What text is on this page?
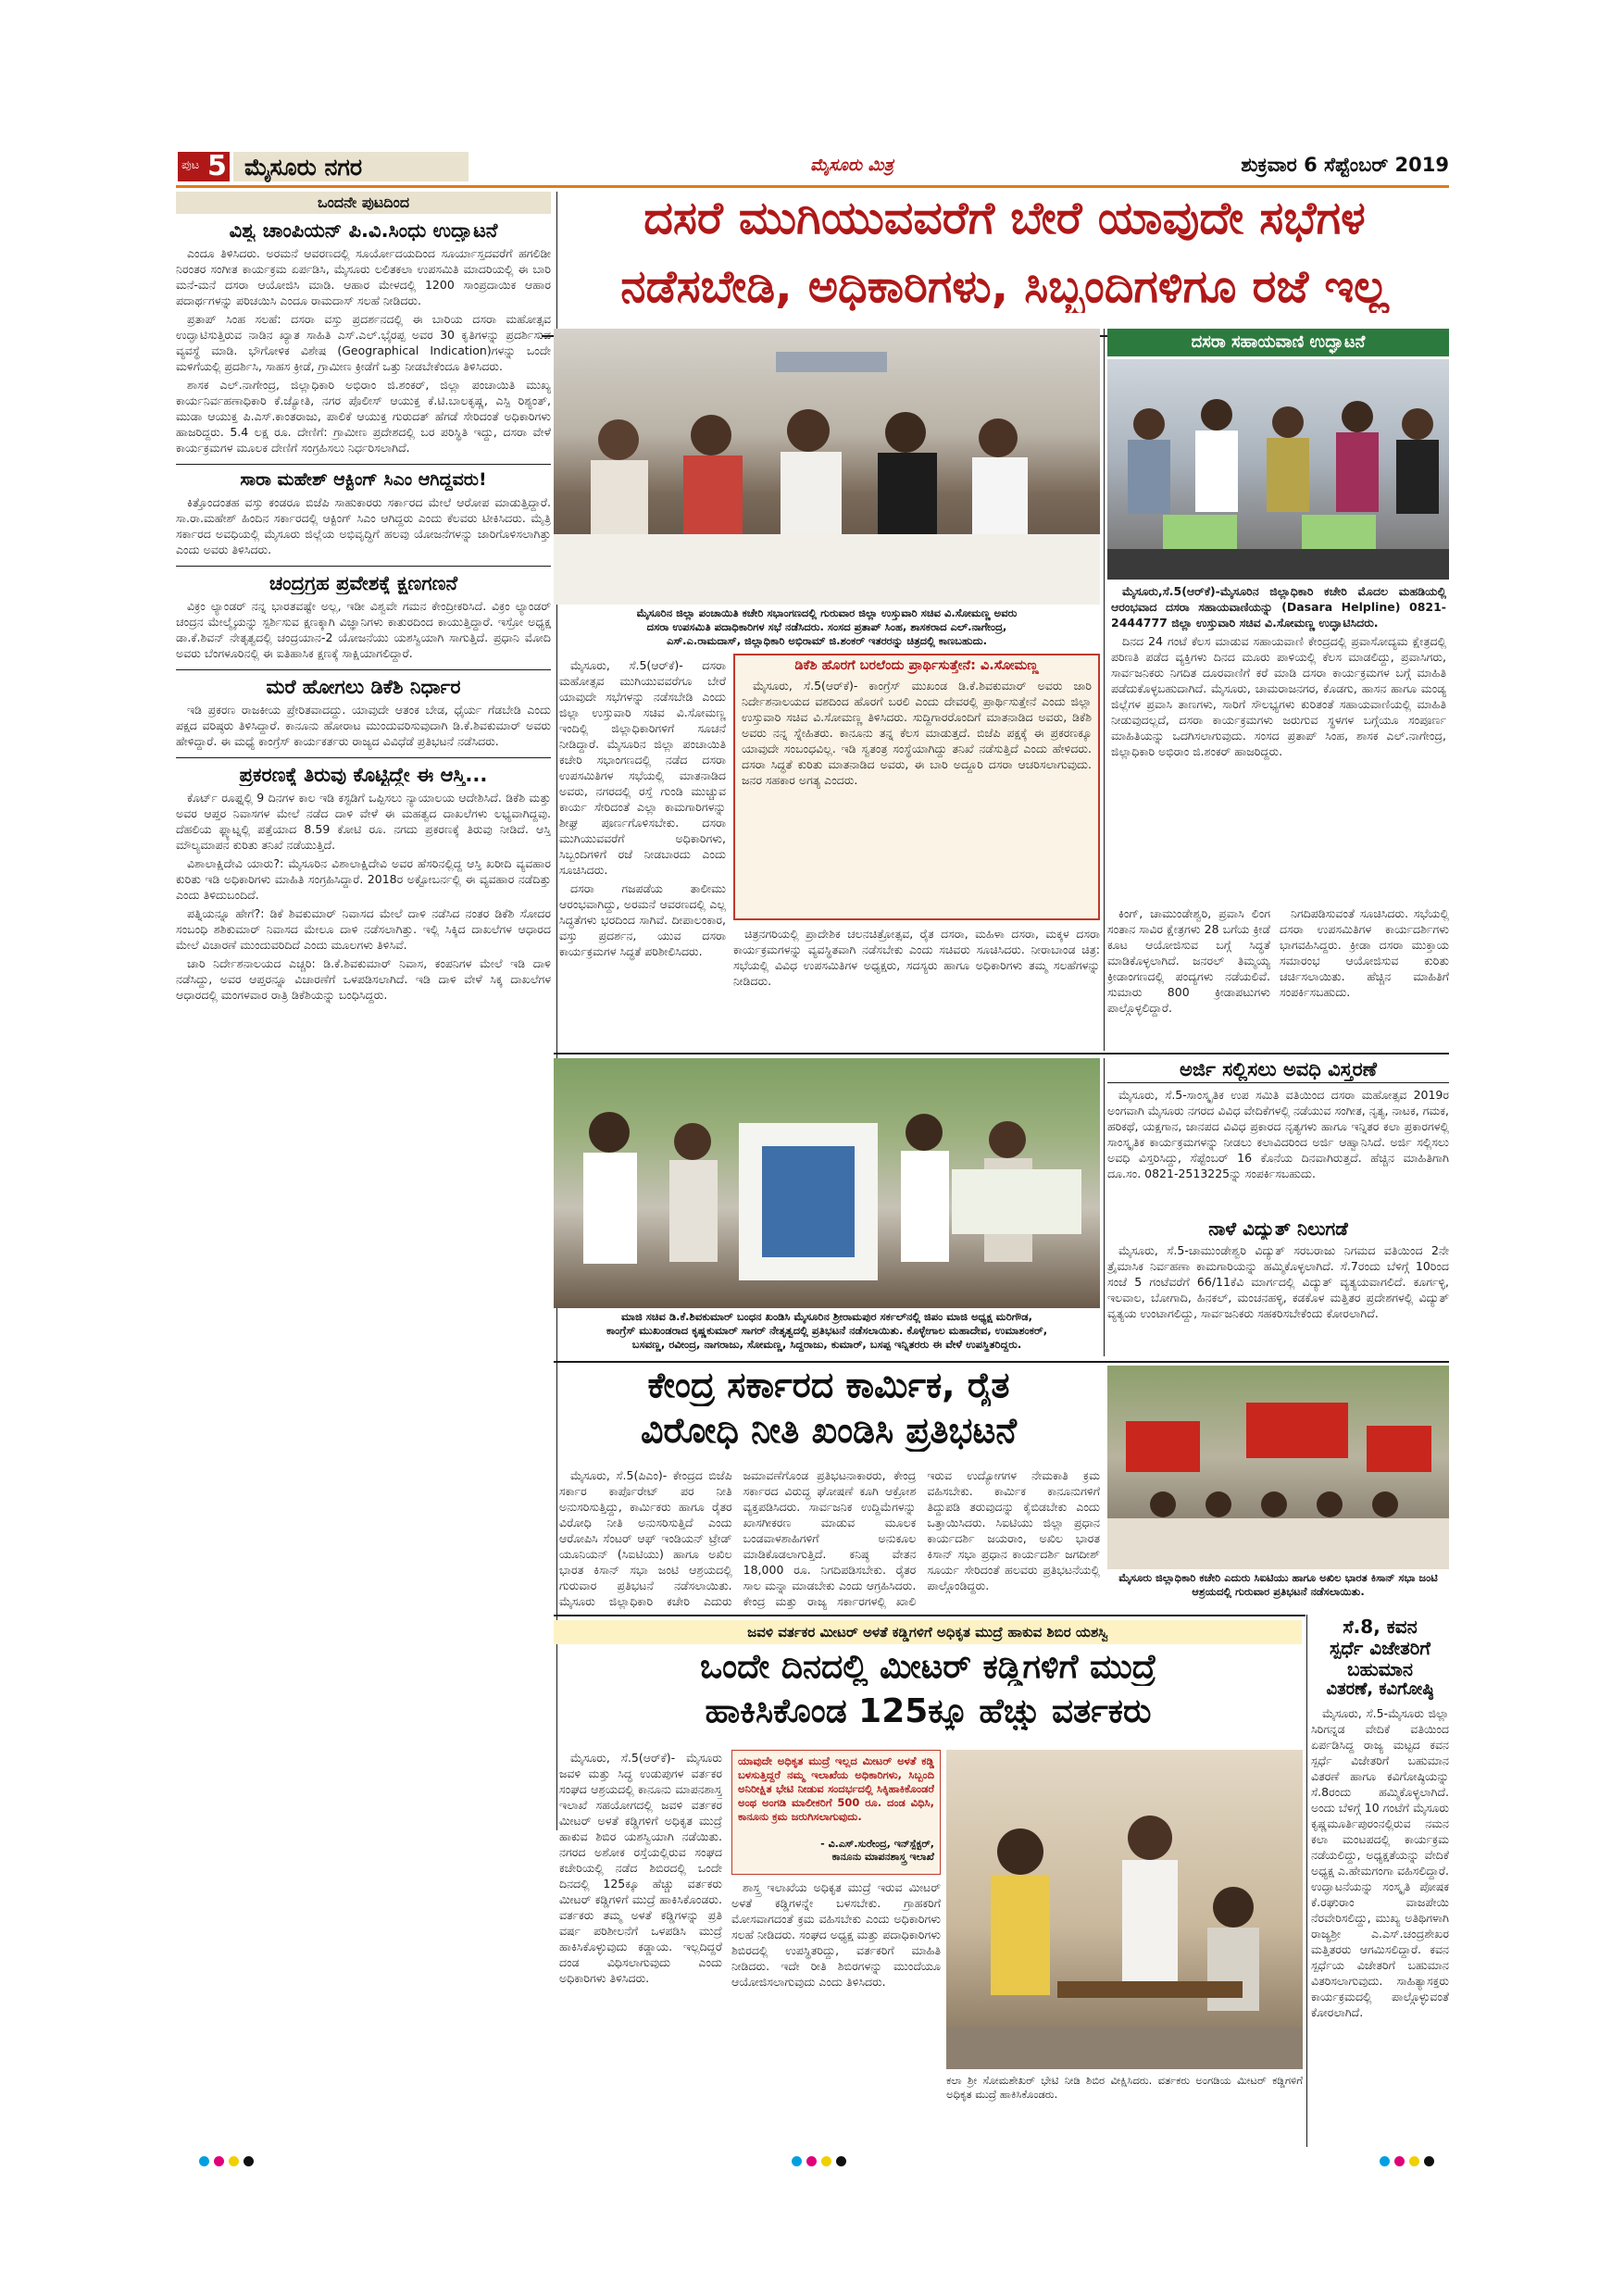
ಪುಟ 5 ಮೈಸೂರು ನಗರ	ಮೈಸೂರು ಮಿತ್ರ	ಶುಕ್ರವಾರ 6 ಸೆಪ್ಟೆಂಬರ್ 2019
ಒಂದನೇ ಪುಟದಿಂದ
ವಿಶ್ವ ಚಾಂಪಿಯನ್ ಪಿ.ವಿ.ಸಿಂಧು ಉದ್ಘಾಟನೆ

ಎಂದೂ ತಿಳಿಸಿದರು. ಅರಮನೆ ಆವರಣದಲ್ಲಿ ಸೂರ್ಯೋದಯದಿಂದ ಸೂರ್ಯಾಸ್ತದವರೆಗೆ ಹಗಲಿಡೀ ನಿರಂತರ ಸಂಗೀತ ಕಾರ್ಯಕ್ರಮ ಏರ್ಪಡಿಸಿ, ಮೈಸೂರು ಲಲಿತಕಲಾ ಉಪಸಮಿತಿ ಮಾದರಿಯಲ್ಲಿ ಈ ಬಾರಿ ಮನೆ-ಮನೆ ದಸರಾ ಆಯೋಜಿಸಿ ಮಾಡಿ. ಆಹಾರ ಮೇಳದಲ್ಲಿ 1200 ಸಾಂಪ್ರದಾಯಿಕ ಆಹಾರ ಪದಾರ್ಥಗಳನ್ನು ಪರಿಚಯಿಸಿ ಎಂದೂ ರಾಮದಾಸ್ ಸಲಹೆ ನೀಡಿದರು.

ಪ್ರತಾಪ್ ಸಿಂಹ ಸಲಹೆ: ದಸರಾ ವಸ್ತು ಪ್ರದರ್ಶನದಲ್ಲಿ ಈ ಬಾರಿಯ ದಸರಾ ಮಹೋತ್ಸವ ಉದ್ಘಾಟಿಸುತ್ತಿರುವ ನಾಡಿನ ಖ್ಯಾತ ಸಾಹಿತಿ ಎಸ್.ಎಲ್.ಭೈರಪ್ಪ ಅವರ 30 ಕೃತಿಗಳನ್ನು ಪ್ರದರ್ಶಿಸುವ ವ್ಯವಸ್ಥೆ ಮಾಡಿ. ಭೌಗೋಳಿಕ ವಿಶೇಷ (Geographical Indication)ಗಳನ್ನು ಒಂದೇ ಮಳಿಗೆಯಲ್ಲಿ ಪ್ರದರ್ಶಿಸಿ, ಸಾಹಸ ಕ್ರೀಡೆ, ಗ್ರಾಮೀಣ ಕ್ರೀಡೆಗೆ ಒತ್ತು ನೀಡಬೇಕೆಂದೂ ತಿಳಿಸಿದರು.

ಶಾಸಕ ಎಲ್.ನಾಗೇಂದ್ರ, ಜಿಲ್ಲಾಧಿಕಾರಿ ಅಭಿರಾಂ ಜಿ.ಶಂಕರ್, ಜಿಲ್ಲಾ ಪಂಚಾಯಿತಿ ಮುಖ್ಯ ಕಾರ್ಯನಿರ್ವಹಣಾಧಿಕಾರಿ ಕೆ.ಜ್ಯೋತಿ, ನಗರ ಪೊಲೀಸ್ ಆಯುಕ್ತ ಕೆ.ಟಿ.ಬಾಲಕೃಷ್ಣ, ಎಸ್ಪಿ ರಿಶ್ಯಂತ್, ಮುಡಾ ಆಯುಕ್ತ ಪಿ.ಎಸ್.ಕಾಂತರಾಜು, ಪಾಲಿಕೆ ಆಯುಕ್ತ ಗುರುದತ್ ಹೆಗಡೆ ಸೇರಿದಂತೆ ಅಧಿಕಾರಿಗಳು ಹಾಜರಿದ್ದರು. 5.4 ಲಕ್ಷ ರೂ. ದೇಣಿಗೆ: ಗ್ರಾಮೀಣ ಪ್ರದೇಶದಲ್ಲಿ ಬರ ಪರಿಸ್ಥಿತಿ ಇದ್ದು, ದಸರಾ ವೇಳೆ ಕಾರ್ಯಕ್ರಮಗಳ ಮೂಲಕ ದೇಣಿಗೆ ಸಂಗ್ರಹಿಸಲು ನಿರ್ಧರಿಸಲಾಗಿದೆ.

ಸಾರಾ ಮಹೇಶ್ ಆಕ್ಟಿಂಗ್ ಸಿಎಂ ಆಗಿದ್ದವರು!

ಕಿತ್ತೊಂದಂತಹ ವಸ್ತು ಕಂಡರೂ ಬಿಜೆಪಿ ಸಾಹುಕಾರರು ಸರ್ಕಾರದ ಮೇಲೆ ಆರೋಪ ಮಾಡುತ್ತಿದ್ದಾರೆ. ಸಾ.ರಾ.ಮಹೇಶ್ ಹಿಂದಿನ ಸರ್ಕಾರದಲ್ಲಿ ಆಕ್ಟಿಂಗ್ ಸಿಎಂ ಆಗಿದ್ದರು ಎಂದು ಕೆಲವರು ಟೀಕಿಸಿದರು. ಮೈತ್ರಿ ಸರ್ಕಾರದ ಅವಧಿಯಲ್ಲಿ ಮೈಸೂರು ಜಿಲ್ಲೆಯ ಅಭಿವೃದ್ಧಿಗೆ ಹಲವು ಯೋಜನೆಗಳನ್ನು ಜಾರಿಗೊಳಿಸಲಾಗಿತ್ತು ಎಂದು ಅವರು ತಿಳಿಸಿದರು.

ಚಂದ್ರಗ್ರಹ ಪ್ರವೇಶಕ್ಕೆ ಕ್ಷಣಗಣನೆ

ವಿಕ್ರಂ ಲ್ಯಾಂಡರ್ ನನ್ನ ಭಾರತವಷ್ಟೇ ಅಲ್ಲ, ಇಡೀ ವಿಶ್ವವೇ ಗಮನ ಕೇಂದ್ರೀಕರಿಸಿದೆ. ವಿಕ್ರಂ ಲ್ಯಾಂಡರ್ ಚಂದ್ರನ ಮೇಲ್ಮೈಯನ್ನು ಸ್ಪರ್ಶಿಸುವ ಕ್ಷಣಕ್ಕಾಗಿ ವಿಜ್ಞಾನಿಗಳು ಕಾತುರದಿಂದ ಕಾಯುತ್ತಿದ್ದಾರೆ. ಇಸ್ರೋ ಅಧ್ಯಕ್ಷ ಡಾ.ಕೆ.ಶಿವನ್ ನೇತೃತ್ವದಲ್ಲಿ ಚಂದ್ರಯಾನ-2 ಯೋಜನೆಯು ಯಶಸ್ವಿಯಾಗಿ ಸಾಗುತ್ತಿದೆ. ಪ್ರಧಾನಿ ಮೋದಿ ಅವರು ಬೆಂಗಳೂರಿನಲ್ಲಿ ಈ ಐತಿಹಾಸಿಕ ಕ್ಷಣಕ್ಕೆ ಸಾಕ್ಷಿಯಾಗಲಿದ್ದಾರೆ.

ಮರೆ ಹೋಗಲು ಡಿಕೆಶಿ ನಿರ್ಧಾರ

ಇಡಿ ಪ್ರಕರಣ ರಾಜಕೀಯ ಪ್ರೇರಿತವಾದದ್ದು. ಯಾವುದೇ ಆತಂಕ ಬೇಡ, ಧೈರ್ಯ ಗೆಡಬೇಡಿ ಎಂದು ಪಕ್ಷದ ವರಿಷ್ಠರು ತಿಳಿಸಿದ್ದಾರೆ. ಕಾನೂನು ಹೋರಾಟ ಮುಂದುವರಿಸುವುದಾಗಿ ಡಿ.ಕೆ.ಶಿವಕುಮಾರ್ ಅವರು ಹೇಳಿದ್ದಾರೆ. ಈ ಮಧ್ಯೆ ಕಾಂಗ್ರೆಸ್ ಕಾರ್ಯಕರ್ತರು ರಾಜ್ಯದ ವಿವಿಧೆಡೆ ಪ್ರತಿಭಟನೆ ನಡೆಸಿದರು.

ಪ್ರಕರಣಕ್ಕೆ ತಿರುವು ಕೊಟ್ಟಿದ್ದೇ ಈ ಆಸ್ತಿ...

ಕೊರ್ಟ್ ರೂಫ್ನಲ್ಲಿ 9 ದಿನಗಳ ಕಾಲ ಇಡಿ ಕಸ್ಟಡಿಗೆ ಒಪ್ಪಿಸಲು ನ್ಯಾಯಾಲಯ ಆದೇಶಿಸಿದೆ. ಡಿಕೆಶಿ ಮತ್ತು ಅವರ ಆಪ್ತರ ನಿವಾಸಗಳ ಮೇಲೆ ನಡೆದ ದಾಳಿ ವೇಳೆ ಈ ಮಹತ್ವದ ದಾಖಲೆಗಳು ಲಭ್ಯವಾಗಿದ್ದವು. ದೆಹಲಿಯ ಫ್ಲ್ಯಾಟ್ನಲ್ಲಿ ಪತ್ತೆಯಾದ 8.59 ಕೋಟಿ ರೂ. ನಗದು ಪ್ರಕರಣಕ್ಕೆ ತಿರುವು ನೀಡಿದೆ. ಆಸ್ತಿ ಮೌಲ್ಯಮಾಪನ ಕುರಿತು ತನಿಖೆ ನಡೆಯುತ್ತಿದೆ.

ವಿಶಾಲಾಕ್ಷಿದೇವಿ ಯಾರು?: ಮೈಸೂರಿನ ವಿಶಾಲಾಕ್ಷಿದೇವಿ ಅವರ ಹೆಸರಿನಲ್ಲಿದ್ದ ಆಸ್ತಿ ಖರೀದಿ ವ್ಯವಹಾರ ಕುರಿತು ಇಡಿ ಅಧಿಕಾರಿಗಳು ಮಾಹಿತಿ ಸಂಗ್ರಹಿಸಿದ್ದಾರೆ. 2018ರ ಅಕ್ಟೋಬರ್ನಲ್ಲಿ ಈ ವ್ಯವಹಾರ ನಡೆದಿತ್ತು ಎಂದು ತಿಳಿದುಬಂದಿದೆ.

ಪತ್ನಿಯನ್ನೂ ಹೇಗೆ?: ಡಿಕೆ ಶಿವಕುಮಾರ್ ನಿವಾಸದ ಮೇಲೆ ದಾಳಿ ನಡೆಸಿದ ನಂತರ ಡಿಕೆಶಿ ಸೋದರ ಸಂಬಂಧಿ ಶಶಿಕುಮಾರ್ ನಿವಾಸದ ಮೇಲೂ ದಾಳಿ ನಡೆಸಲಾಗಿತ್ತು. ಇಲ್ಲಿ ಸಿಕ್ಕಿದ ದಾಖಲೆಗಳ ಆಧಾರದ ಮೇಲೆ ವಿಚಾರಣೆ ಮುಂದುವರಿದಿದೆ ಎಂದು ಮೂಲಗಳು ತಿಳಿಸಿವೆ.

ಚಾರಿ ನಿರ್ದೇಶನಾಲಯದ ಎಚ್ಚರಿ: ಡಿ.ಕೆ.ಶಿವಕುಮಾರ್ ನಿವಾಸ, ಕಂಪನಿಗಳ ಮೇಲೆ ಇಡಿ ದಾಳಿ ನಡೆಸಿದ್ದು, ಅವರ ಆಪ್ತರನ್ನೂ ವಿಚಾರಣೆಗೆ ಒಳಪಡಿಸಲಾಗಿದೆ. ಇಡಿ ದಾಳಿ ವೇಳೆ ಸಿಕ್ಕ ದಾಖಲೆಗಳ ಆಧಾರದಲ್ಲಿ ಮಂಗಳವಾರ ರಾತ್ರಿ ಡಿಕೆಶಿಯನ್ನು ಬಂಧಿಸಿದ್ದರು.

ದಸರೆ ಮುಗಿಯುವವರೆಗೆ ಬೇರೆ ಯಾವುದೇ ಸಭೆಗಳ
ನಡೆಸಬೇಡಿ, ಅಧಿಕಾರಿಗಳು, ಸಿಬ್ಬಂದಿಗಳಿಗೂ ರಜೆ ಇಲ್ಲ
ಮೈಸೂರಿನ ಜಿಲ್ಲಾ ಪಂಚಾಯಿತಿ ಕಚೇರಿ ಸಭಾಂಗಣದಲ್ಲಿ ಗುರುವಾರ ಜಿಲ್ಲಾ ಉಸ್ತುವಾರಿ ಸಚಿವ ವಿ.ಸೋಮಣ್ಣ ಅವರು
ದಸರಾ ಉಪಸಮಿತಿ ಪದಾಧಿಕಾರಿಗಳ ಸಭೆ ನಡೆಸಿದರು. ಸಂಸದ ಪ್ರತಾಪ್ ಸಿಂಹ, ಶಾಸಕರಾದ ಎಲ್.ನಾಗೇಂದ್ರ,
ಎಸ್.ಎ.ರಾಮದಾಸ್, ಜಿಲ್ಲಾಧಿಕಾರಿ ಅಭಿರಾಮ್ ಜಿ.ಶಂಕರ್ ಇತರರನ್ನು ಚಿತ್ರದಲ್ಲಿ ಕಾಣಬಹುದು.

ಮೈಸೂರು, ಸೆ.5(ಆರ್‌ಕೆ)- ದಸರಾ ಮಹೋತ್ಸವ ಮುಗಿಯುವವರೆಗೂ ಬೇರೆ ಯಾವುದೇ ಸಭೆಗಳನ್ನು ನಡೆಸಬೇಡಿ ಎಂದು ಜಿಲ್ಲಾ ಉಸ್ತುವಾರಿ ಸಚಿವ ವಿ.ಸೋಮಣ್ಣ ಇಂದಿಲ್ಲಿ ಜಿಲ್ಲಾಧಿಕಾರಿಗಳಿಗೆ ಸೂಚನೆ ನೀಡಿದ್ದಾರೆ. ಮೈಸೂರಿನ ಜಿಲ್ಲಾ ಪಂಚಾಯಿತಿ ಕಚೇರಿ ಸಭಾಂಗಣದಲ್ಲಿ ನಡೆದ ದಸರಾ ಉಪಸಮಿತಿಗಳ ಸಭೆಯಲ್ಲಿ ಮಾತನಾಡಿದ ಅವರು, ನಗರದಲ್ಲಿ ರಸ್ತೆ ಗುಂಡಿ ಮುಚ್ಚುವ ಕಾರ್ಯ ಸೇರಿದಂತೆ ಎಲ್ಲಾ ಕಾಮಗಾರಿಗಳನ್ನು ಶೀಘ್ರ ಪೂರ್ಣಗೊಳಿಸಬೇಕು. ದಸರಾ ಮುಗಿಯುವವರೆಗೆ ಅಧಿಕಾರಿಗಳು, ಸಿಬ್ಬಂದಿಗಳಿಗೆ ರಜೆ ನೀಡಬಾರದು ಎಂದು ಸೂಚಿಸಿದರು.

ದಸರಾ ಗಜಪಡೆಯ ತಾಲೀಮು ಆರಂಭವಾಗಿದ್ದು, ಅರಮನೆ ಆವರಣದಲ್ಲಿ ಎಲ್ಲ ಸಿದ್ಧತೆಗಳು ಭರದಿಂದ ಸಾಗಿವೆ. ದೀಪಾಲಂಕಾರ, ವಸ್ತು ಪ್ರದರ್ಶನ, ಯುವ ದಸರಾ ಕಾರ್ಯಕ್ರಮಗಳ ಸಿದ್ಧತೆ ಪರಿಶೀಲಿಸಿದರು.

ಡಿಕೆಶಿ ಹೊರಗೆ ಬರಲೆಂದು ಪ್ರಾರ್ಥಿಸುತ್ತೇನೆ: ವಿ.ಸೋಮಣ್ಣ

ಮೈಸೂರು, ಸೆ.5(ಆರ್‌ಕೆ)- ಕಾಂಗ್ರೆಸ್ ಮುಖಂಡ ಡಿ.ಕೆ.ಶಿವಕುಮಾರ್ ಅವರು ಜಾರಿ ನಿರ್ದೇಶನಾಲಯದ ವಶದಿಂದ ಹೊರಗೆ ಬರಲಿ ಎಂದು ದೇವರಲ್ಲಿ ಪ್ರಾರ್ಥಿಸುತ್ತೇನೆ ಎಂದು ಜಿಲ್ಲಾ ಉಸ್ತುವಾರಿ ಸಚಿವ ವಿ.ಸೋಮಣ್ಣ ತಿಳಿಸಿದರು. ಸುದ್ದಿಗಾರರೊಂದಿಗೆ ಮಾತನಾಡಿದ ಅವರು, ಡಿಕೆಶಿ ಅವರು ನನ್ನ ಸ್ನೇಹಿತರು. ಕಾನೂನು ತನ್ನ ಕೆಲಸ ಮಾಡುತ್ತದೆ. ಬಿಜೆಪಿ ಪಕ್ಷಕ್ಕೆ ಈ ಪ್ರಕರಣಕ್ಕೂ ಯಾವುದೇ ಸಂಬಂಧವಿಲ್ಲ. ಇಡಿ ಸ್ವತಂತ್ರ ಸಂಸ್ಥೆಯಾಗಿದ್ದು ತನಿಖೆ ನಡೆಸುತ್ತಿದೆ ಎಂದು ಹೇಳಿದರು. ದಸರಾ ಸಿದ್ಧತೆ ಕುರಿತು ಮಾತನಾಡಿದ ಅವರು, ಈ ಬಾರಿ ಅದ್ದೂರಿ ದಸರಾ ಆಚರಿಸಲಾಗುವುದು. ಜನರ ಸಹಕಾರ ಅಗತ್ಯ ಎಂದರು.

ಚಿತ್ರನಗರಿಯಲ್ಲಿ ಪ್ರಾದೇಶಿಕ ಚಲನಚಿತ್ರೋತ್ಸವ, ರೈತ ದಸರಾ, ಮಹಿಳಾ ದಸರಾ, ಮಕ್ಕಳ ದಸರಾ ಕಾರ್ಯಕ್ರಮಗಳನ್ನು ವ್ಯವಸ್ಥಿತವಾಗಿ ನಡೆಸಬೇಕು ಎಂದು ಸಚಿವರು ಸೂಚಿಸಿದರು. ನೀರಾಬಾಂಡ ಚಿತ್ರ: ಸಭೆಯಲ್ಲಿ ವಿವಿಧ ಉಪಸಮಿತಿಗಳ ಅಧ್ಯಕ್ಷರು, ಸದಸ್ಯರು ಹಾಗೂ ಅಧಿಕಾರಿಗಳು ತಮ್ಮ ಸಲಹೆಗಳನ್ನು ನೀಡಿದರು.

ದಸರಾ ಸಹಾಯವಾಣಿ ಉದ್ಘಾಟನೆ

ಮೈಸೂರು,ಸೆ.5(ಆರ್‌ಕೆ)-ಮೈಸೂರಿನ ಜಿಲ್ಲಾಧಿಕಾರಿ ಕಚೇರಿ ಮೊದಲ ಮಹಡಿಯಲ್ಲಿ ಆರಂಭವಾದ ದಸರಾ ಸಹಾಯವಾಣಿಯನ್ನು (Dasara Helpline) 0821-2444777 ಜಿಲ್ಲಾ ಉಸ್ತುವಾರಿ ಸಚಿವ ವಿ.ಸೋಮಣ್ಣ ಉದ್ಘಾಟಿಸಿದರು.

ದಿನದ 24 ಗಂಟೆ ಕೆಲಸ ಮಾಡುವ ಸಹಾಯವಾಣಿ ಕೇಂದ್ರದಲ್ಲಿ ಪ್ರವಾಸೋದ್ಯಮ ಕ್ಷೇತ್ರದಲ್ಲಿ ಪರಿಣತಿ ಪಡೆದ ವ್ಯಕ್ತಿಗಳು ದಿನದ ಮೂರು ಪಾಳಿಯಲ್ಲಿ ಕೆಲಸ ಮಾಡಲಿದ್ದು, ಪ್ರವಾಸಿಗರು, ಸಾರ್ವಜನಿಕರು ನಿಗದಿತ ದೂರವಾಣಿಗೆ ಕರೆ ಮಾಡಿ ದಸರಾ ಕಾರ್ಯಕ್ರಮಗಳ ಬಗ್ಗೆ ಮಾಹಿತಿ ಪಡೆದುಕೊಳ್ಳಬಹುದಾಗಿದೆ. ಮೈಸೂರು, ಚಾಮರಾಜನಗರ, ಕೊಡಗು, ಹಾಸನ ಹಾಗೂ ಮಂಡ್ಯ ಜಿಲ್ಲೆಗಳ ಪ್ರವಾಸಿ ತಾಣಗಳು, ಸಾರಿಗೆ ಸೌಲಭ್ಯಗಳು ಕುರಿತಂತೆ ಸಹಾಯವಾಣಿಯಲ್ಲಿ ಮಾಹಿತಿ ನೀಡುವುದಲ್ಲದೆ, ದಸರಾ ಕಾರ್ಯಕ್ರಮಗಳು ಜರುಗುವ ಸ್ಥಳಗಳ ಬಗ್ಗೆಯೂ ಸಂಪೂರ್ಣ ಮಾಹಿತಿಯನ್ನು ಒದಗಿಸಲಾಗುವುದು. ಸಂಸದ ಪ್ರತಾಪ್ ಸಿಂಹ, ಶಾಸಕ ಎಲ್.ನಾಗೇಂದ್ರ, ಜಿಲ್ಲಾಧಿಕಾರಿ ಅಭಿರಾಂ ಜಿ.ಶಂಕರ್ ಹಾಜರಿದ್ದರು.

ಕಿಂಗ್, ಚಾಮುಂಡೇಶ್ವರಿ, ಪ್ರವಾಸಿ ಲಿಂಗ ಸಂತಾನ ಸಾವಿರ ಕ್ಷೇತ್ರಗಳು 28 ಬಗೆಯ ಕ್ರೀಡೆ ಕೂಟ ಆಯೋಜಿಸುವ ಬಗ್ಗೆ ಸಿದ್ಧತೆ ಮಾಡಿಕೊಳ್ಳಲಾಗಿದೆ. ಜನರಲ್ ತಿಮ್ಮಯ್ಯ ಕ್ರೀಡಾಂಗಣದಲ್ಲಿ ಪಂದ್ಯಗಳು ನಡೆಯಲಿವೆ. ಸುಮಾರು 800 ಕ್ರೀಡಾಪಟುಗಳು ಪಾಲ್ಗೊಳ್ಳಲಿದ್ದಾರೆ.

ನಿಗದಿಪಡಿಸುವಂತೆ ಸೂಚಿಸಿದರು. ಸಭೆಯಲ್ಲಿ ದಸರಾ ಉಪಸಮಿತಿಗಳ ಕಾರ್ಯದರ್ಶಿಗಳು ಭಾಗವಹಿಸಿದ್ದರು. ಕ್ರೀಡಾ ದಸರಾ ಮುಕ್ತಾಯ ಸಮಾರಂಭ ಆಯೋಜಿಸುವ ಕುರಿತು ಚರ್ಚಿಸಲಾಯಿತು. ಹೆಚ್ಚಿನ ಮಾಹಿತಿಗೆ ಸಂಪರ್ಕಿಸಬಹುದು.

ಮಾಜಿ ಸಚಿವ ಡಿ.ಕೆ.ಶಿವಕುಮಾರ್ ಬಂಧನ ಖಂಡಿಸಿ ಮೈಸೂರಿನ ಶ್ರೀರಾಮಪುರ ಸರ್ಕಲ್‌ನಲ್ಲಿ ಜಿಪಂ ಮಾಜಿ ಅಧ್ಯಕ್ಷ ಮರಿಗೌಡ,
ಕಾಂಗ್ರೆಸ್ ಮುಖಂಡರಾದ ಕೃಷ್ಣಕುಮಾರ್ ಸಾಗರ್ ನೇತೃತ್ವದಲ್ಲಿ ಪ್ರತಿಭಟನೆ ನಡೆಸಲಾಯಿತು. ಕೊಳ್ಳೇಗಾಲ ಮಹಾದೇವ, ಉಮಾಶಂಕರ್,
ಬಸವಣ್ಣ, ರವೀಂದ್ರ, ನಾಗರಾಜು, ಸೋಮಣ್ಣ, ಸಿದ್ದರಾಜು, ಕುಮಾರ್, ಬಸಪ್ಪ ಇನ್ನಿತರರು ಈ ವೇಳೆ ಉಪಸ್ಥಿತರಿದ್ದರು.
ಅರ್ಜಿ ಸಲ್ಲಿಸಲು ಅವಧಿ ವಿಸ್ತರಣೆ

ಮೈಸೂರು, ಸೆ.5-ಸಾಂಸ್ಕೃತಿಕ ಉಪ ಸಮಿತಿ ವತಿಯಿಂದ ದಸರಾ ಮಹೋತ್ಸವ 2019ರ ಅಂಗವಾಗಿ ಮೈಸೂರು ನಗರದ ವಿವಿಧ ವೇದಿಕೆಗಳಲ್ಲಿ ನಡೆಯುವ ಸಂಗೀತ, ನೃತ್ಯ, ನಾಟಕ, ಗಮಕ, ಹರಿಕಥೆ, ಯಕ್ಷಗಾನ, ಜಾನಪದ ವಿವಿಧ ಪ್ರಕಾರದ ನೃತ್ಯಗಳು ಹಾಗೂ ಇನ್ನಿತರ ಕಲಾ ಪ್ರಕಾರಗಳಲ್ಲಿ ಸಾಂಸ್ಕೃತಿಕ ಕಾರ್ಯಕ್ರಮಗಳನ್ನು ನೀಡಲು ಕಲಾವಿದರಿಂದ ಅರ್ಜಿ ಆಹ್ವಾನಿಸಿದೆ. ಅರ್ಜಿ ಸಲ್ಲಿಸಲು ಅವಧಿ ವಿಸ್ತರಿಸಿದ್ದು, ಸೆಪ್ಟೆಂಬರ್ 16 ಕೊನೆಯ ದಿನವಾಗಿರುತ್ತದೆ. ಹೆಚ್ಚಿನ ಮಾಹಿತಿಗಾಗಿ ದೂ.ಸಂ. 0821-2513225ನ್ನು ಸಂಪರ್ಕಿಸಬಹುದು.

ನಾಳೆ ವಿದ್ಯುತ್ ನಿಲುಗಡೆ

ಮೈಸೂರು, ಸೆ.5-ಚಾಮುಂಡೇಶ್ವರಿ ವಿದ್ಯುತ್ ಸರಬರಾಜು ನಿಗಮದ ವತಿಯಿಂದ 2ನೇ ತ್ರೈಮಾಸಿಕ ನಿರ್ವಹಣಾ ಕಾಮಗಾರಿಯನ್ನು ಹಮ್ಮಿಕೊಳ್ಳಲಾಗಿದೆ. ಸೆ.7ರಂದು ಬೆಳಿಗ್ಗೆ 10ರಿಂದ ಸಂಜೆ 5 ಗಂಟೆವರೆಗೆ 66/11ಕೆವಿ ಮಾರ್ಗದಲ್ಲಿ ವಿದ್ಯುತ್ ವ್ಯತ್ಯಯವಾಗಲಿದೆ. ಕೂರ್ಗಳ್ಳಿ, ಇಲವಾಲ, ಬೋಗಾದಿ, ಹಿನಕಲ್, ಮಂಚನಹಳ್ಳಿ, ಕಡಕೊಳ ಮತ್ತಿತರ ಪ್ರದೇಶಗಳಲ್ಲಿ ವಿದ್ಯುತ್ ವ್ಯತ್ಯಯ ಉಂಟಾಗಲಿದ್ದು, ಸಾರ್ವಜನಿಕರು ಸಹಕರಿಸಬೇಕೆಂದು ಕೋರಲಾಗಿದೆ.

ಕೇಂದ್ರ ಸರ್ಕಾರದ ಕಾರ್ಮಿಕ, ರೈತ
ವಿರೋಧಿ ನೀತಿ ಖಂಡಿಸಿ ಪ್ರತಿಭಟನೆ

ಮೈಸೂರು, ಸೆ.5(ಪಿಎಂ)- ಕೇಂದ್ರದ ಬಿಜೆಪಿ ಸರ್ಕಾರ ಕಾರ್ಪೊರೇಟ್ ಪರ ನೀತಿ ಅನುಸರಿಸುತ್ತಿದ್ದು, ಕಾರ್ಮಿಕರು ಹಾಗೂ ರೈತರ ವಿರೋಧಿ ನೀತಿ ಅನುಸರಿಸುತ್ತಿದೆ ಎಂದು ಆರೋಪಿಸಿ ಸೆಂಟರ್ ಆಫ್ ಇಂಡಿಯನ್ ಟ್ರೇಡ್ ಯೂನಿಯನ್ (ಸಿಐಟಿಯು) ಹಾಗೂ ಅಖಿಲ ಭಾರತ ಕಿಸಾನ್ ಸಭಾ ಜಂಟಿ ಆಶ್ರಯದಲ್ಲಿ ಗುರುವಾರ ಪ್ರತಿಭಟನೆ ನಡೆಸಲಾಯಿತು. ಮೈಸೂರು ಜಿಲ್ಲಾಧಿಕಾರಿ ಕಚೇರಿ ಎದುರು ಜಮಾವಣೆಗೊಂಡ ಪ್ರತಿಭಟನಾಕಾರರು, ಕೇಂದ್ರ ಸರ್ಕಾರದ ವಿರುದ್ಧ ಘೋಷಣೆ ಕೂಗಿ ಆಕ್ರೋಶ ವ್ಯಕ್ತಪಡಿಸಿದರು. ಸಾರ್ವಜನಿಕ ಉದ್ದಿಮೆಗಳನ್ನು ಖಾಸಗೀಕರಣ ಮಾಡುವ ಮೂಲಕ ಬಂಡವಾಳಶಾಹಿಗಳಿಗೆ ಅನುಕೂಲ ಮಾಡಿಕೊಡಲಾಗುತ್ತಿದೆ. ಕನಿಷ್ಠ ವೇತನ 18,000 ರೂ. ನಿಗದಿಪಡಿಸಬೇಕು. ರೈತರ ಸಾಲ ಮನ್ನಾ ಮಾಡಬೇಕು ಎಂದು ಆಗ್ರಹಿಸಿದರು. ಕೇಂದ್ರ ಮತ್ತು ರಾಜ್ಯ ಸರ್ಕಾರಗಳಲ್ಲಿ ಖಾಲಿ ಇರುವ ಉದ್ಯೋಗಗಳ ನೇಮಕಾತಿ ಕ್ರಮ ವಹಿಸಬೇಕು. ಕಾರ್ಮಿಕ ಕಾನೂನುಗಳಿಗೆ ತಿದ್ದುಪಡಿ ತರುವುದನ್ನು ಕೈಬಿಡಬೇಕು ಎಂದು ಒತ್ತಾಯಿಸಿದರು. ಸಿಐಟಿಯು ಜಿಲ್ಲಾ ಪ್ರಧಾನ ಕಾರ್ಯದರ್ಶಿ ಜಯರಾಂ, ಅಖಿಲ ಭಾರತ ಕಿಸಾನ್ ಸಭಾ ಪ್ರಧಾನ ಕಾರ್ಯದರ್ಶಿ ಜಗದೀಶ್ ಸೂರ್ಯ ಸೇರಿದಂತೆ ಹಲವರು ಪ್ರತಿಭಟನೆಯಲ್ಲಿ ಪಾಲ್ಗೊಂಡಿದ್ದರು.

ಮೈಸೂರು ಜಿಲ್ಲಾಧಿಕಾರಿ ಕಚೇರಿ ಎದುರು ಸಿಐಟಿಯು ಹಾಗೂ ಅಖಿಲ ಭಾರತ ಕಿಸಾನ್ ಸಭಾ ಜಂಟಿ ಆಶ್ರಯದಲ್ಲಿ ಗುರುವಾರ ಪ್ರತಿಭಟನೆ ನಡೆಸಲಾಯಿತು.
ಜವಳಿ ವರ್ತಕರ ಮೀಟರ್ ಅಳತೆ ಕಡ್ಡಿಗಳಿಗೆ ಅಧಿಕೃತ ಮುದ್ರೆ ಹಾಕುವ ಶಿಬಿರ ಯಶಸ್ವಿ
ಒಂದೇ ದಿನದಲ್ಲಿ ಮೀಟರ್ ಕಡ್ಡಿಗಳಿಗೆ ಮುದ್ರೆ
ಹಾಕಿಸಿಕೊಂಡ 125ಕ್ಕೂ ಹೆಚ್ಚು ವರ್ತಕರು

ಮೈಸೂರು, ಸೆ.5(ಆರ್‌ಕೆ)- ಮೈಸೂರು ಜವಳಿ ಮತ್ತು ಸಿದ್ಧ ಉಡುಪುಗಳ ವರ್ತಕರ ಸಂಘದ ಆಶ್ರಯದಲ್ಲಿ ಕಾನೂನು ಮಾಪನಶಾಸ್ತ್ರ ಇಲಾಖೆ ಸಹಯೋಗದಲ್ಲಿ ಜವಳಿ ವರ್ತಕರ ಮೀಟರ್ ಅಳತೆ ಕಡ್ಡಿಗಳಿಗೆ ಅಧಿಕೃತ ಮುದ್ರೆ ಹಾಕುವ ಶಿಬಿರ ಯಶಸ್ವಿಯಾಗಿ ನಡೆಯಿತು. ನಗರದ ಅಶೋಕ ರಸ್ತೆಯಲ್ಲಿರುವ ಸಂಘದ ಕಚೇರಿಯಲ್ಲಿ ನಡೆದ ಶಿಬಿರದಲ್ಲಿ ಒಂದೇ ದಿನದಲ್ಲಿ 125ಕ್ಕೂ ಹೆಚ್ಚು ವರ್ತಕರು ಮೀಟರ್ ಕಡ್ಡಿಗಳಿಗೆ ಮುದ್ರೆ ಹಾಕಿಸಿಕೊಂಡರು. ವರ್ತಕರು ತಮ್ಮ ಅಳತೆ ಕಡ್ಡಿಗಳನ್ನು ಪ್ರತಿ ವರ್ಷ ಪರಿಶೀಲನೆಗೆ ಒಳಪಡಿಸಿ ಮುದ್ರೆ ಹಾಕಿಸಿಕೊಳ್ಳುವುದು ಕಡ್ಡಾಯ. ಇಲ್ಲದಿದ್ದರೆ ದಂಡ ವಿಧಿಸಲಾಗುವುದು ಎಂದು ಅಧಿಕಾರಿಗಳು ತಿಳಿಸಿದರು.

ಯಾವುದೇ ಅಧಿಕೃತ ಮುದ್ರೆ ಇಲ್ಲದ ಮೀಟರ್ ಅಳತೆ ಕಡ್ಡಿ ಬಳಸುತ್ತಿದ್ದರೆ ನಮ್ಮ ಇಲಾಖೆಯ ಅಧಿಕಾರಿಗಳು, ಸಿಬ್ಬಂದಿ ಅನಿರೀಕ್ಷಿತ ಭೇಟಿ ನೀಡುವ ಸಂದರ್ಭದಲ್ಲಿ ಸಿಕ್ಕಿಹಾಕಿಕೊಂಡರೆ ಅಂಥ ಅಂಗಡಿ ಮಾಲೀಕರಿಗೆ 500 ರೂ. ದಂಡ ವಿಧಿಸಿ, ಕಾನೂನು ಕ್ರಮ ಜರುಗಿಸಲಾಗುವುದು.
- ವಿ.ಎಸ್.ಸುರೇಂದ್ರ, ಇನ್‌ಸ್ಪೆಕ್ಟರ್,
ಕಾನೂನು ಮಾಪನಶಾಸ್ತ್ರ ಇಲಾಖೆ

ಶಾಸ್ತ್ರ ಇಲಾಖೆಯ ಅಧಿಕೃತ ಮುದ್ರೆ ಇರುವ ಮೀಟರ್ ಅಳತೆ ಕಡ್ಡಿಗಳನ್ನೇ ಬಳಸಬೇಕು. ಗ್ರಾಹಕರಿಗೆ ಮೋಸವಾಗದಂತೆ ಕ್ರಮ ವಹಿಸಬೇಕು ಎಂದು ಅಧಿಕಾರಿಗಳು ಸಲಹೆ ನೀಡಿದರು. ಸಂಘದ ಅಧ್ಯಕ್ಷ ಮತ್ತು ಪದಾಧಿಕಾರಿಗಳು ಶಿಬಿರದಲ್ಲಿ ಉಪಸ್ಥಿತರಿದ್ದು, ವರ್ತಕರಿಗೆ ಮಾಹಿತಿ ನೀಡಿದರು. ಇದೇ ರೀತಿ ಶಿಬಿರಗಳನ್ನು ಮುಂದೆಯೂ ಆಯೋಜಿಸಲಾಗುವುದು ಎಂದು ತಿಳಿಸಿದರು.

ಕಲಾ ಶ್ರೀ ಸೋಮಶೇಖರ್ ಭೇಟಿ ನೀಡಿ ಶಿಬಿರ ವೀಕ್ಷಿಸಿದರು. ವರ್ತಕರು ಅಂಗಡಿಯ ಮೀಟರ್ ಕಡ್ಡಿಗಳಿಗೆ ಅಧಿಕೃತ ಮುದ್ರೆ ಹಾಕಿಸಿಕೊಂಡರು.
ಸೆ.8, ಕವನ
ಸ್ಪರ್ಧೆ ವಿಜೇತರಿಗೆ
ಬಹುಮಾನ
ವಿತರಣೆ, ಕವಿಗೋಷ್ಠಿ

ಮೈಸೂರು, ಸೆ.5-ಮೈಸೂರು ಜಿಲ್ಲಾ ಸಿರಿಗನ್ನಡ ವೇದಿಕೆ ವತಿಯಿಂದ ಏರ್ಪಡಿಸಿದ್ದ ರಾಜ್ಯ ಮಟ್ಟದ ಕವನ ಸ್ಪರ್ಧೆ ವಿಜೇತರಿಗೆ ಬಹುಮಾನ ವಿತರಣೆ ಹಾಗೂ ಕವಿಗೋಷ್ಠಿಯನ್ನು ಸೆ.8ರಂದು ಹಮ್ಮಿಕೊಳ್ಳಲಾಗಿದೆ. ಅಂದು ಬೆಳಿಗ್ಗೆ 10 ಗಂಟೆಗೆ ಮೈಸೂರು ಕೃಷ್ಣಮೂರ್ತಿಪುರಂನಲ್ಲಿರುವ ನಮನ ಕಲಾ ಮಂಟಪದಲ್ಲಿ ಕಾರ್ಯಕ್ರಮ ನಡೆಯಲಿದ್ದು, ಅಧ್ಯಕ್ಷತೆಯನ್ನು ವೇದಿಕೆ ಅಧ್ಯಕ್ಷ ಎ.ಹೇಮಗಂಗಾ ವಹಿಸಲಿದ್ದಾರೆ. ಉದ್ಘಾಟನೆಯನ್ನು ಸಂಸ್ಕೃತಿ ಪೋಷಕ ಕೆ.ರಘುರಾಂ ವಾಜಪೇಯಿ ನೆರವೇರಿಸಲಿದ್ದು, ಮುಖ್ಯ ಅತಿಥಿಗಳಾಗಿ ರಾಜ್ಯಶ್ರೀ ಎ.ಎಸ್.ಚಂದ್ರಶೇಖರ ಮತ್ತಿತರರು ಆಗಮಿಸಲಿದ್ದಾರೆ. ಕವನ ಸ್ಪರ್ಧೆಯ ವಿಜೇತರಿಗೆ ಬಹುಮಾನ ವಿತರಿಸಲಾಗುವುದು. ಸಾಹಿತ್ಯಾಸಕ್ತರು ಕಾರ್ಯಕ್ರಮದಲ್ಲಿ ಪಾಲ್ಗೊಳ್ಳುವಂತೆ ಕೋರಲಾಗಿದೆ.
